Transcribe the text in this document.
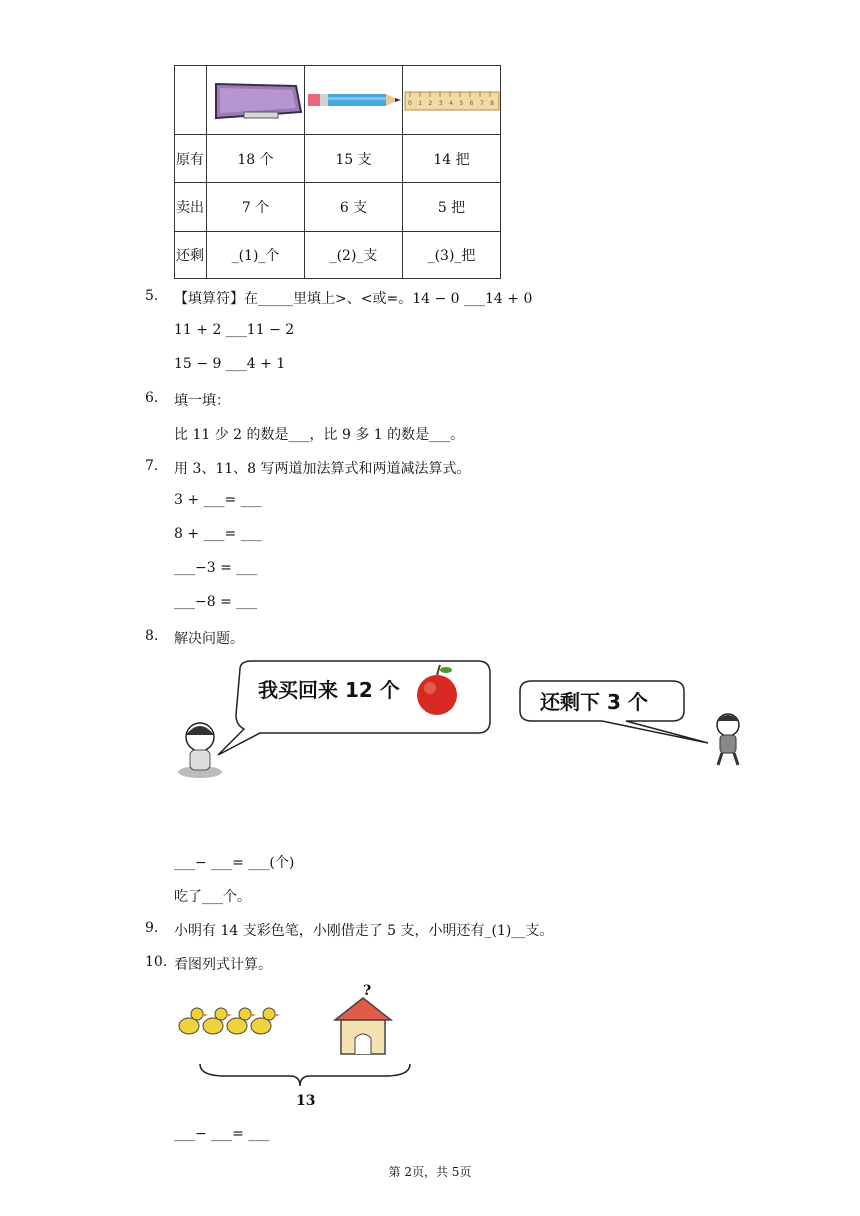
0 1 2 3 4 5 6 7 8

原有	18 个	15 支	14 把
卖出	7 个	6 支	5 把
还剩	_(1)_个	_(2)_支	_(3)_把
5. 【填算符】在_____里填上>、<或=。14 − 0 ___14 + 0
11 + 2 ___11 − 2
15 − 9 ___4 + 1
6. 填一填：
比 11 少 2 的数是___，比 9 多 1 的数是___。
7. 用 3、11、8 写两道加法算式和两道减法算式。
3 + ___= ___
8 + ___= ___
___−3 = ___
___−8 = ___
8. 解决问题。
我买回来 12 个	还剩下 3 个
___− ___= ___(个)
吃了___个。
9. 小明有 14 支彩色笔，小刚借走了 5 支，小明还有_(1)__支。
10. 看图列式计算。
?
13
___− ___= ___
第 2页，共 5页
